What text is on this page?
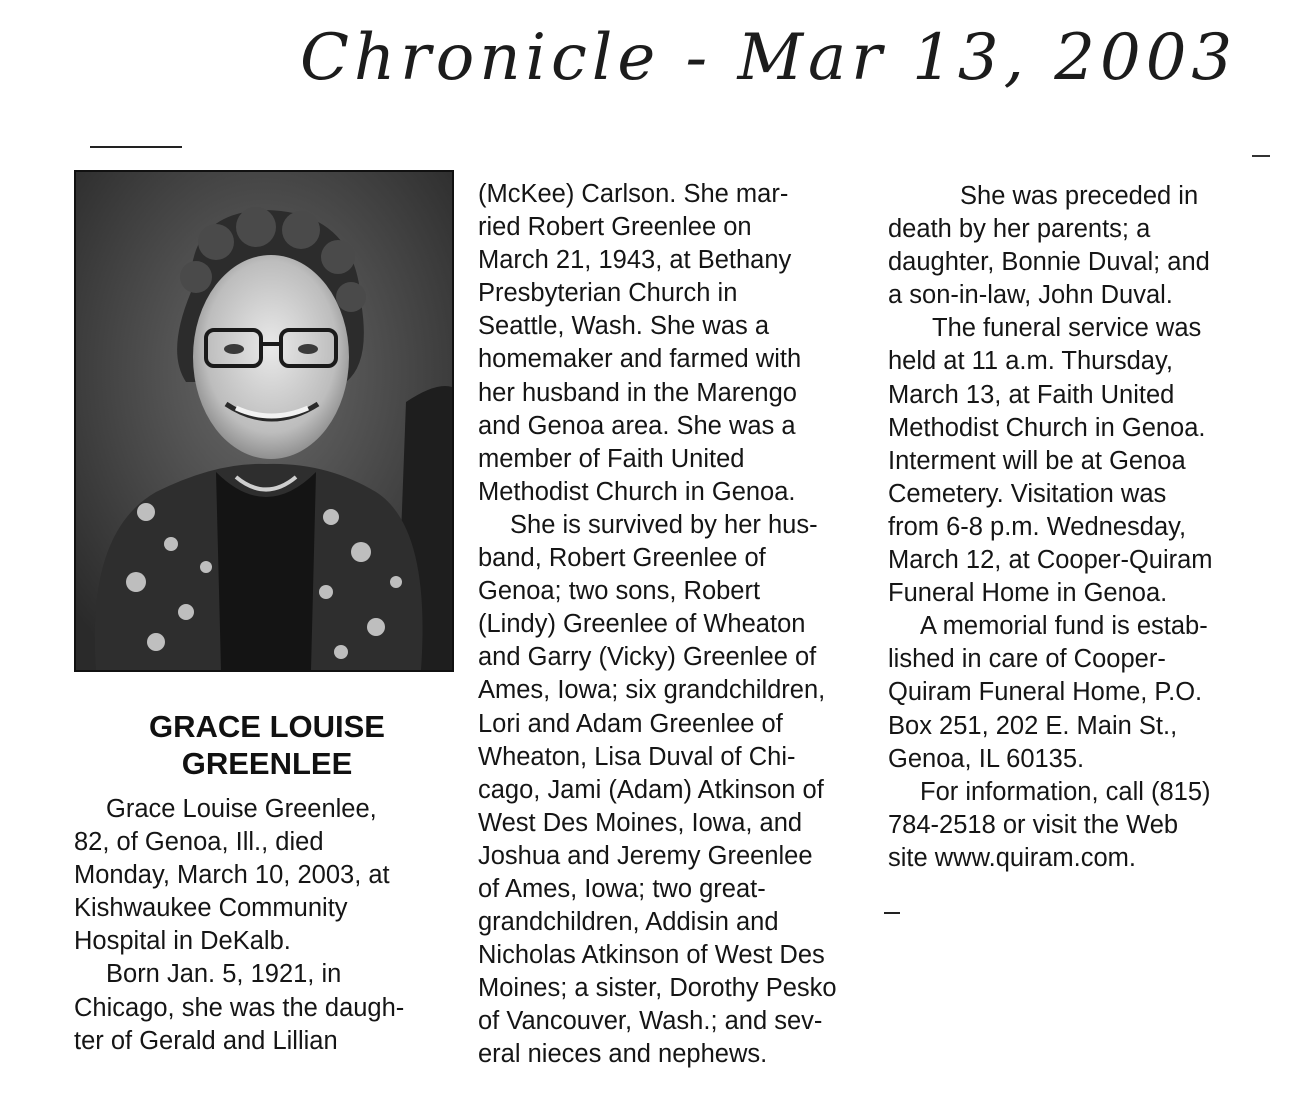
Chronicle - Mar 13, 2003
GRACE LOUISE
GREENLEE
Grace Louise Greenlee,
82, of Genoa, Ill., died
Monday, March 10, 2003, at
Kishwaukee Community
Hospital in DeKalb.
Born Jan. 5, 1921, in
Chicago, she was the daugh-
ter of Gerald and Lillian
(McKee) Carlson. She mar-
ried Robert Greenlee on
March 21, 1943, at Bethany
Presbyterian Church in
Seattle, Wash. She was a
homemaker and farmed with
her husband in the Marengo
and Genoa area. She was a
member of Faith United
Methodist Church in Genoa.
She is survived by her hus-
band, Robert Greenlee of
Genoa; two sons, Robert
(Lindy) Greenlee of Wheaton
and Garry (Vicky) Greenlee of
Ames, Iowa; six grandchildren,
Lori and Adam Greenlee of
Wheaton, Lisa Duval of Chi-
cago, Jami (Adam) Atkinson of
West Des Moines, Iowa, and
Joshua and Jeremy Greenlee
of Ames, Iowa; two great-
grandchildren, Addisin and
Nicholas Atkinson of West Des
Moines; a sister, Dorothy Pesko
of Vancouver, Wash.; and sev-
eral nieces and nephews.
She was preceded in
death by her parents; a
daughter, Bonnie Duval; and
a son-in-law, John Duval.
The funeral service was
held at 11 a.m. Thursday,
March 13, at Faith United
Methodist Church in Genoa.
Interment will be at Genoa
Cemetery. Visitation was
from 6-8 p.m. Wednesday,
March 12, at Cooper-Quiram
Funeral Home in Genoa.
A memorial fund is estab-
lished in care of Cooper-
Quiram Funeral Home, P.O.
Box 251, 202 E. Main St.,
Genoa, IL 60135.
For information, call (815)
784-2518 or visit the Web
site www.quiram.com.
